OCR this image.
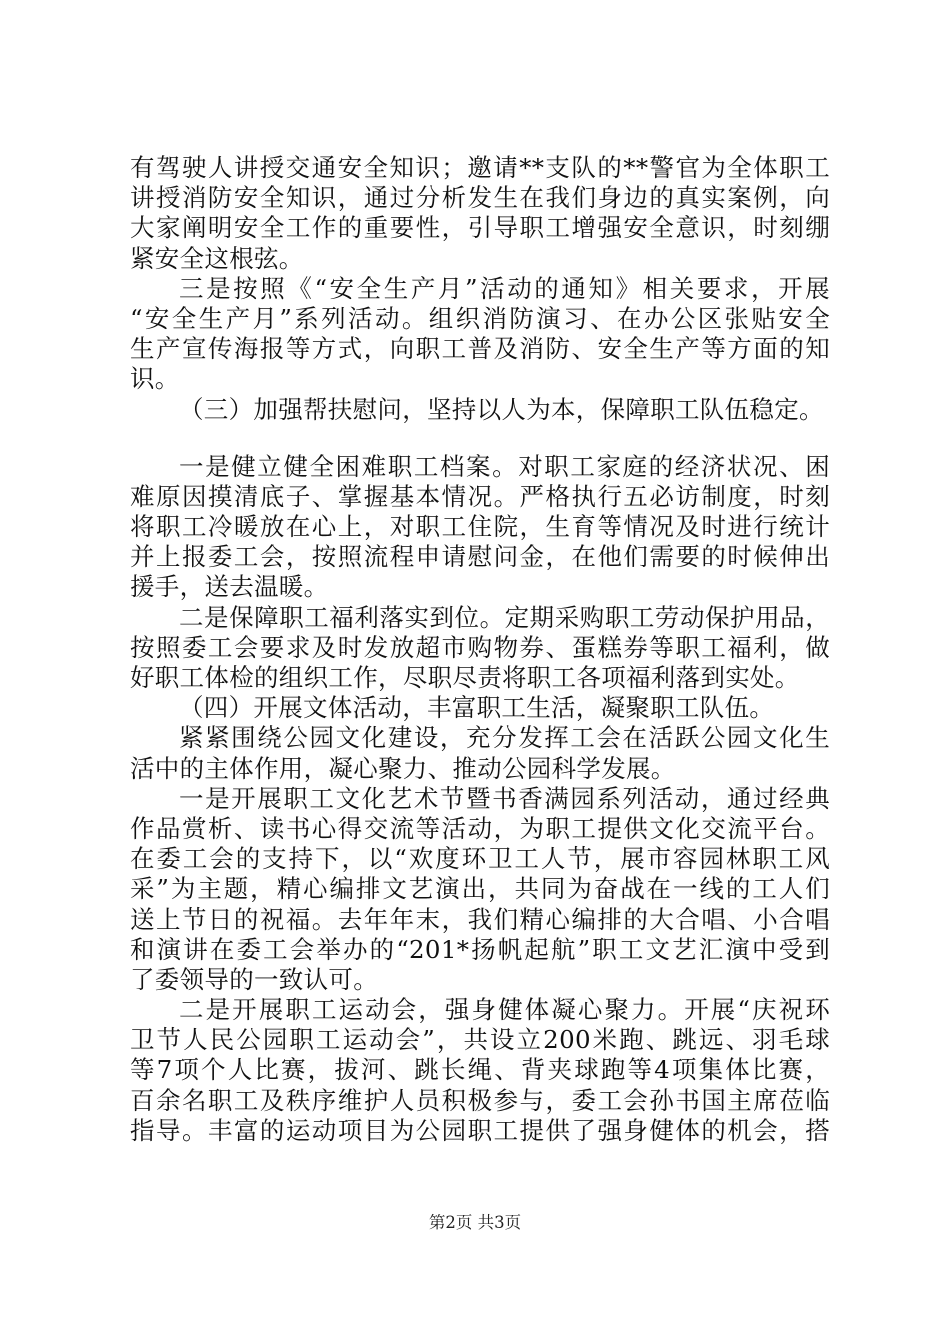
有驾驶人讲授交通安全知识；邀请**支队的**警官为全体职工
讲授消防安全知识，通过分析发生在我们身边的真实案例，向
大家阐明安全工作的重要性，引导职工增强安全意识，时刻绷
紧安全这根弦。
三是按照《“安全生产月”活动的通知》相关要求，开展
“安全生产月”系列活动。组织消防演习、在办公区张贴安全
生产宣传海报等方式，向职工普及消防、安全生产等方面的知
识。
（三）加强帮扶慰问，坚持以人为本，保障职工队伍稳定。
一是健立健全困难职工档案。对职工家庭的经济状况、困
难原因摸清底子、掌握基本情况。严格执行五必访制度，时刻
将职工冷暖放在心上，对职工住院，生育等情况及时进行统计
并上报委工会，按照流程申请慰问金，在他们需要的时候伸出
援手，送去温暖。
二是保障职工福利落实到位。定期采购职工劳动保护用品，
按照委工会要求及时发放超市购物券、蛋糕券等职工福利，做
好职工体检的组织工作，尽职尽责将职工各项福利落到实处。
（四）开展文体活动，丰富职工生活，凝聚职工队伍。
紧紧围绕公园文化建设，充分发挥工会在活跃公园文化生
活中的主体作用，凝心聚力、推动公园科学发展。
一是开展职工文化艺术节暨书香满园系列活动，通过经典
作品赏析、读书心得交流等活动，为职工提供文化交流平台。
在委工会的支持下，以“欢度环卫工人节，展市容园林职工风
采”为主题，精心编排文艺演出，共同为奋战在一线的工人们
送上节日的祝福。去年年末，我们精心编排的大合唱、小合唱
和演讲在委工会举办的“201*扬帆起航”职工文艺汇演中受到
了委领导的一致认可。
二是开展职工运动会，强身健体凝心聚力。开展“庆祝环
卫节人民公园职工运动会”，共设立200米跑、跳远、羽毛球
等7项个人比赛，拔河、跳长绳、背夹球跑等4项集体比赛，
百余名职工及秩序维护人员积极参与，委工会孙书国主席莅临
指导。丰富的运动项目为公园职工提供了强身健体的机会，搭
第2页 共3页
